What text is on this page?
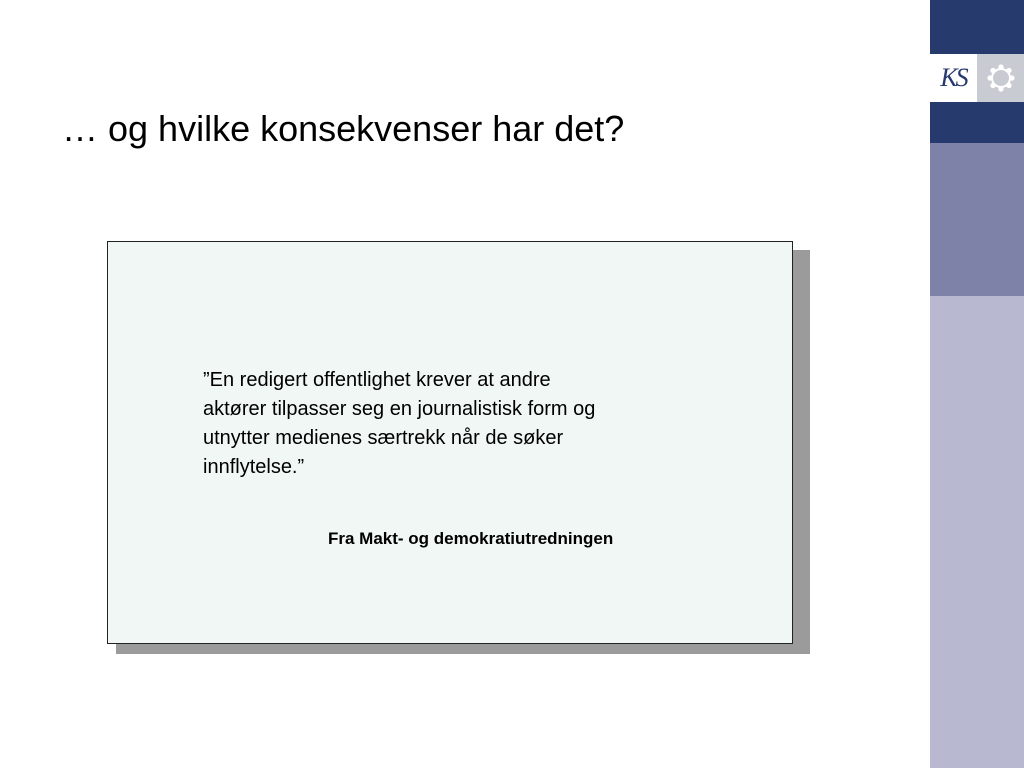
… og hvilke konsekvenser har det?
KS
”En redigert offentlighet krever at andre
aktører tilpasser seg en journalistisk form og
utnytter medienes særtrekk når de søker
innflytelse.”
Fra Makt- og demokratiutredningen
